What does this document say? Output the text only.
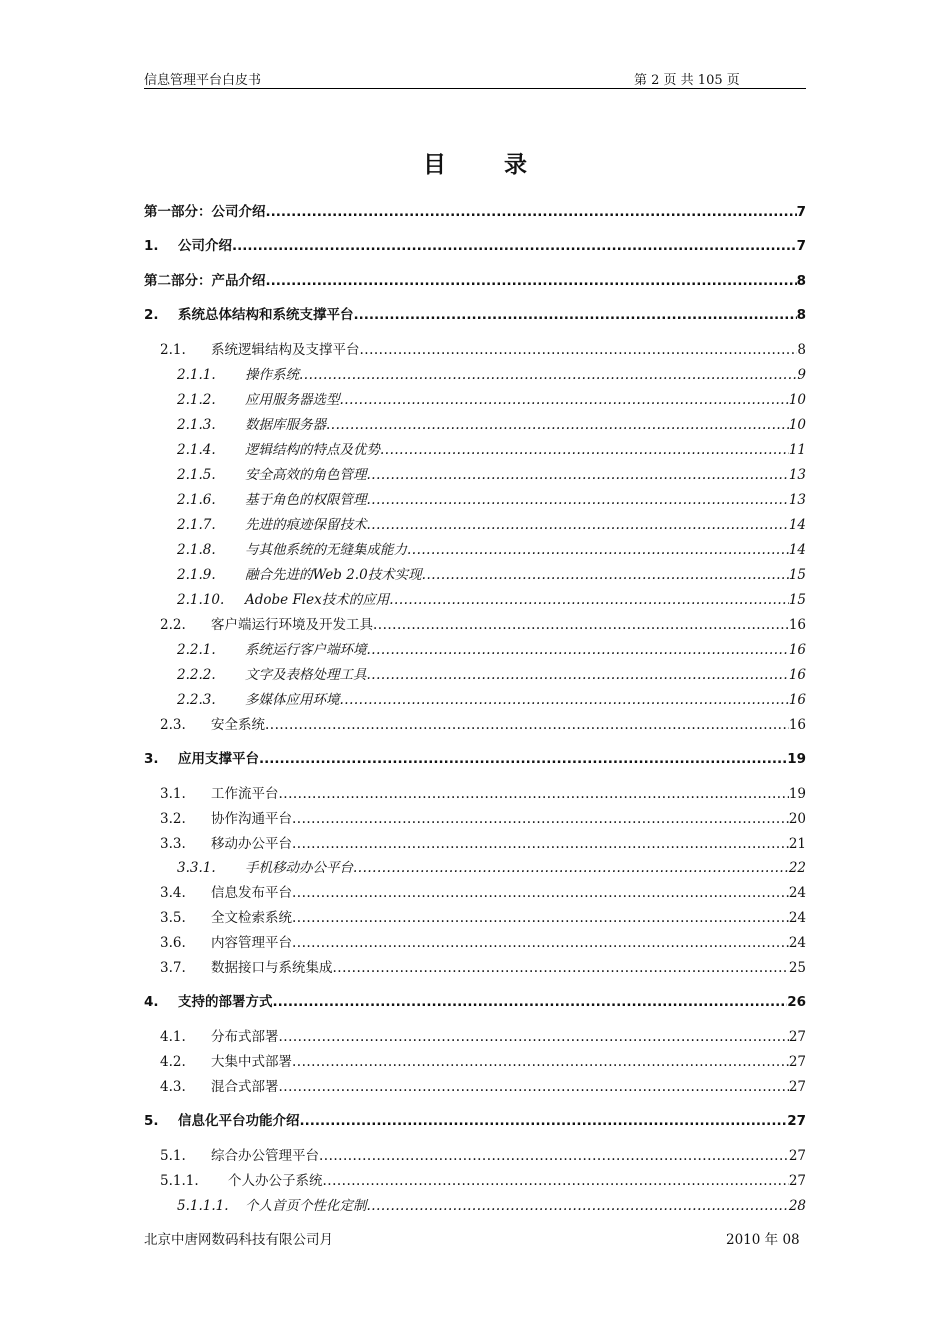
信息管理平台白皮书	第 2 页 共 105 页
目录
第一部分：公司介绍 .....	7
1.	公司介绍 .....	7
第二部分：产品介绍 .....	8
2.	系统总体结构和系统支撑平台 .....	8
2.1.	系统逻辑结构及支撑平台 .....	8
2.1.1.	操作系统 .....	9
2.1.2.	应用服务器选型 .....	10
2.1.3.	数据库服务器 .....	10
2.1.4.	逻辑结构的特点及优势 .....	11
2.1.5.	安全高效的角色管理 .....	13
2.1.6.	基于角色的权限管理 .....	13
2.1.7.	先进的痕迹保留技术 .....	14
2.1.8.	与其他系统的无缝集成能力 .....	14
2.1.9.	融合先进的Web 2.0技术实现 .....	15
2.1.10.	Adobe Flex技术的应用 .....	15
2.2.	客户端运行环境及开发工具 .....	16
2.2.1.	系统运行客户端环境 .....	16
2.2.2.	文字及表格处理工具 .....	16
2.2.3.	多媒体应用环境 .....	16
2.3.	安全系统 .....	16
3.	应用支撑平台 .....	19
3.1.	工作流平台 .....	19
3.2.	协作沟通平台 .....	20
3.3.	移动办公平台 .....	21
3.3.1.	手机移动办公平台 .....	22
3.4.	信息发布平台 .....	24
3.5.	全文检索系统 .....	24
3.6.	内容管理平台 .....	24
3.7.	数据接口与系统集成 .....	25
4.	支持的部署方式 .....	26
4.1.	分布式部署 .....	27
4.2.	大集中式部署 .....	27
4.3.	混合式部署 .....	27
5.	信息化平台功能介绍 .....	27
5.1.	综合办公管理平台 .....	27
5.1.1.	个人办公子系统 .....	27
5.1.1.1.	个人首页个性化定制 .....	28
北京中唐网数码科技有限公司月	2010 年 08
